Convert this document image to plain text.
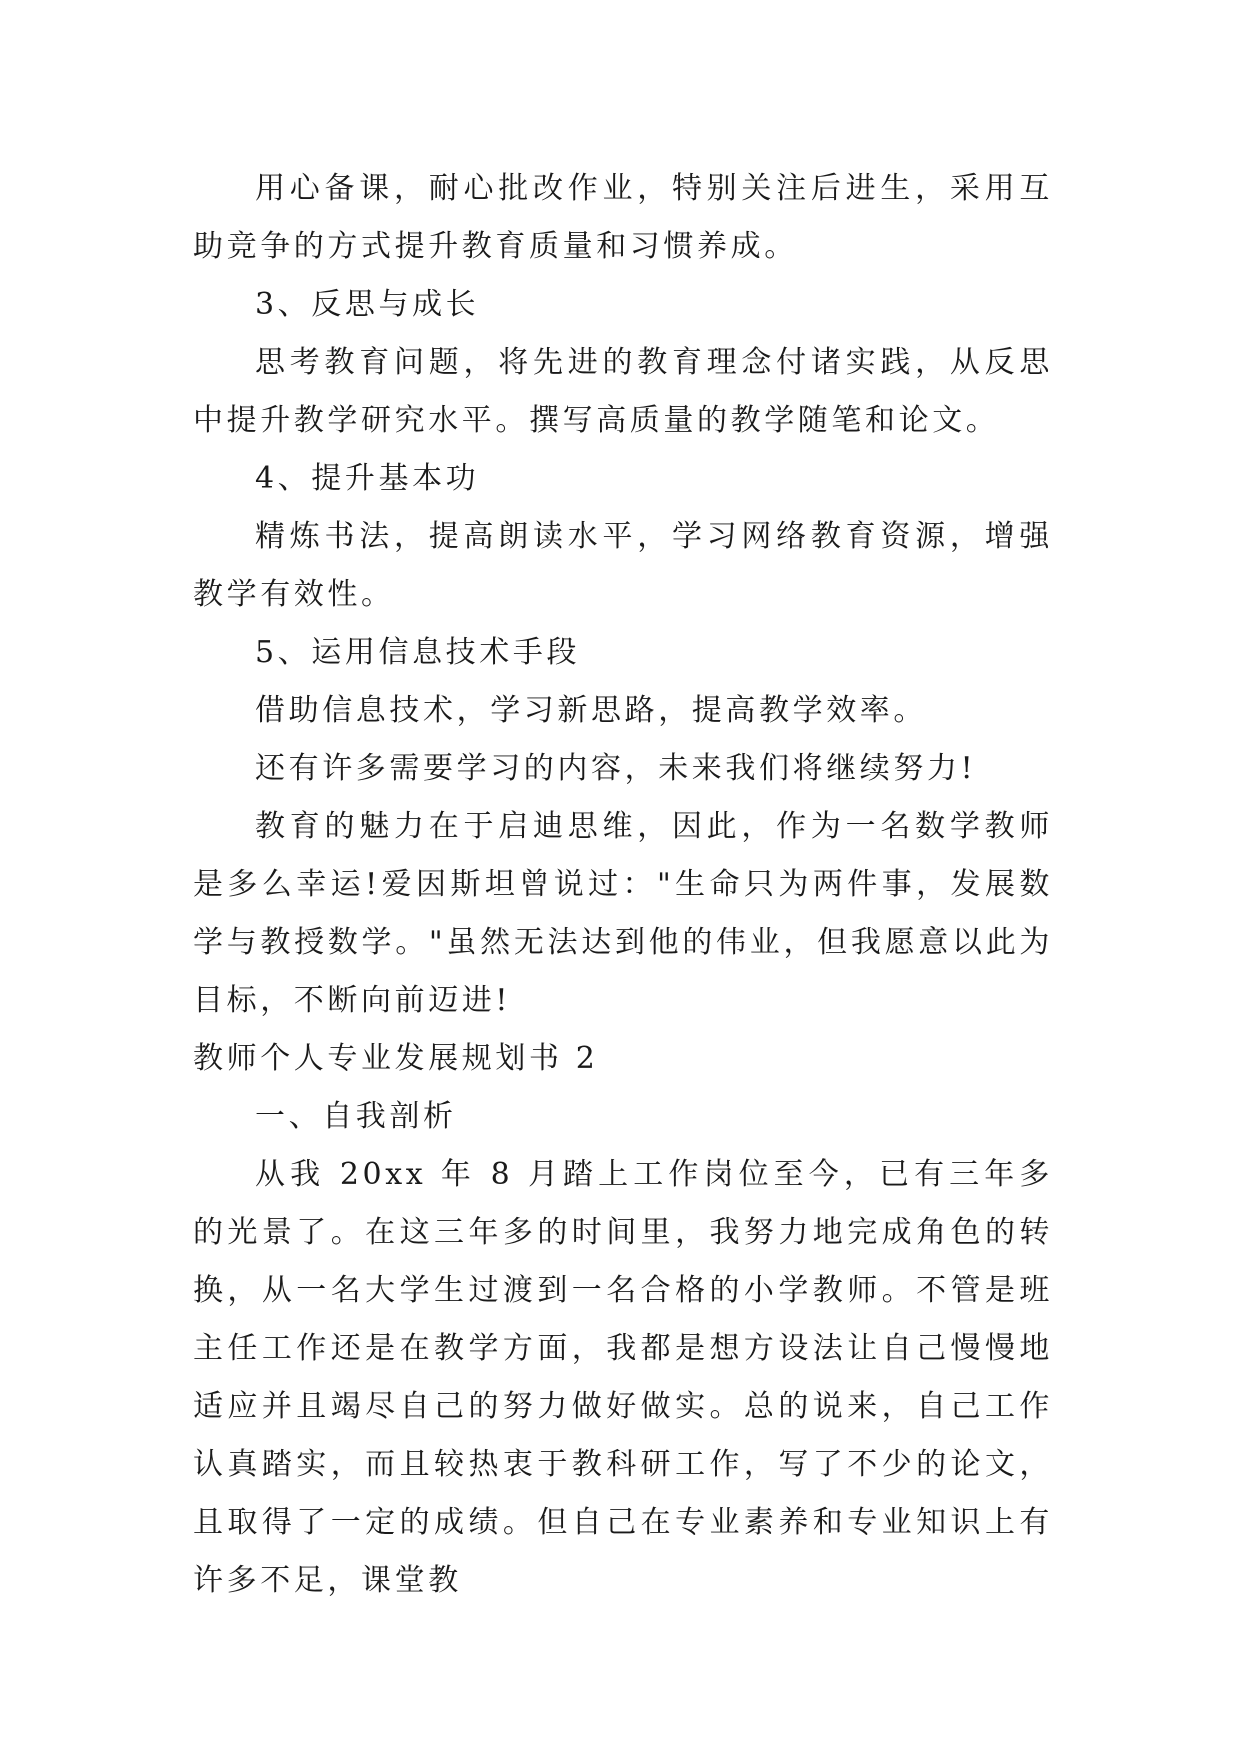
用心备课，耐心批改作业，特别关注后进生，采用互助竞争的方式提升教育质量和习惯养成。

3、反思与成长

思考教育问题，将先进的教育理念付诸实践，从反思中提升教学研究水平。撰写高质量的教学随笔和论文。

4、提升基本功

精炼书法，提高朗读水平，学习网络教育资源，增强教学有效性。

5、运用信息技术手段

借助信息技术，学习新思路，提高教学效率。

还有许多需要学习的内容，未来我们将继续努力!

教育的魅力在于启迪思维，因此，作为一名数学教师是多么幸运!爱因斯坦曾说过："生命只为两件事，发展数学与教授数学。"虽然无法达到他的伟业，但我愿意以此为目标，不断向前迈进!

教师个人专业发展规划书 2

一、自我剖析

从我 20xx 年 8 月踏上工作岗位至今，已有三年多的光景了。在这三年多的时间里，我努力地完成角色的转换，从一名大学生过渡到一名合格的小学教师。不管是班主任工作还是在教学方面，我都是想方设法让自己慢慢地适应并且竭尽自己的努力做好做实。总的说来，自己工作认真踏实，而且较热衷于教科研工作，写了不少的论文，且取得了一定的成绩。但自己在专业素养和专业知识上有许多不足，课堂教
